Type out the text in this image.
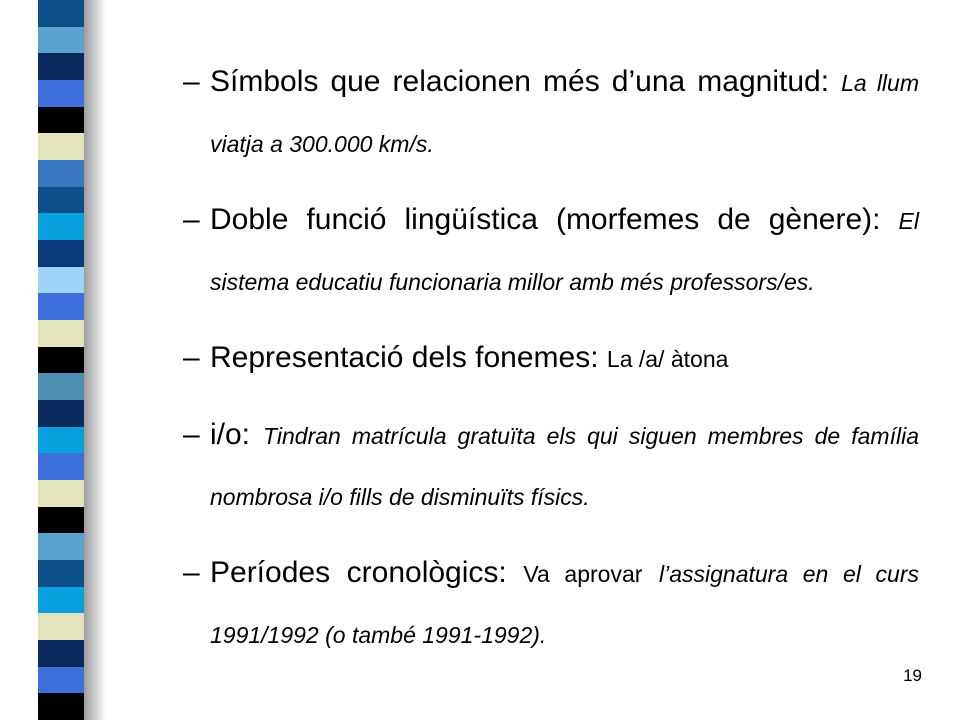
– Símbols que relacionen més d’una magnitud: La llum viatja a 300.000 km/s.
– Doble funció lingüística (morfemes de gènere): El sistema educatiu funcionaria millor amb més professors/es.
– Representació dels fonemes: La /a/ àtona
– i/o: Tindran matrícula gratuïta els qui siguen membres de família nombrosa i/o fills de disminuïts físics.
– Períodes cronològics: Va aprovar l’assignatura en el curs 1991/1992 (o també 1991-1992).
19
